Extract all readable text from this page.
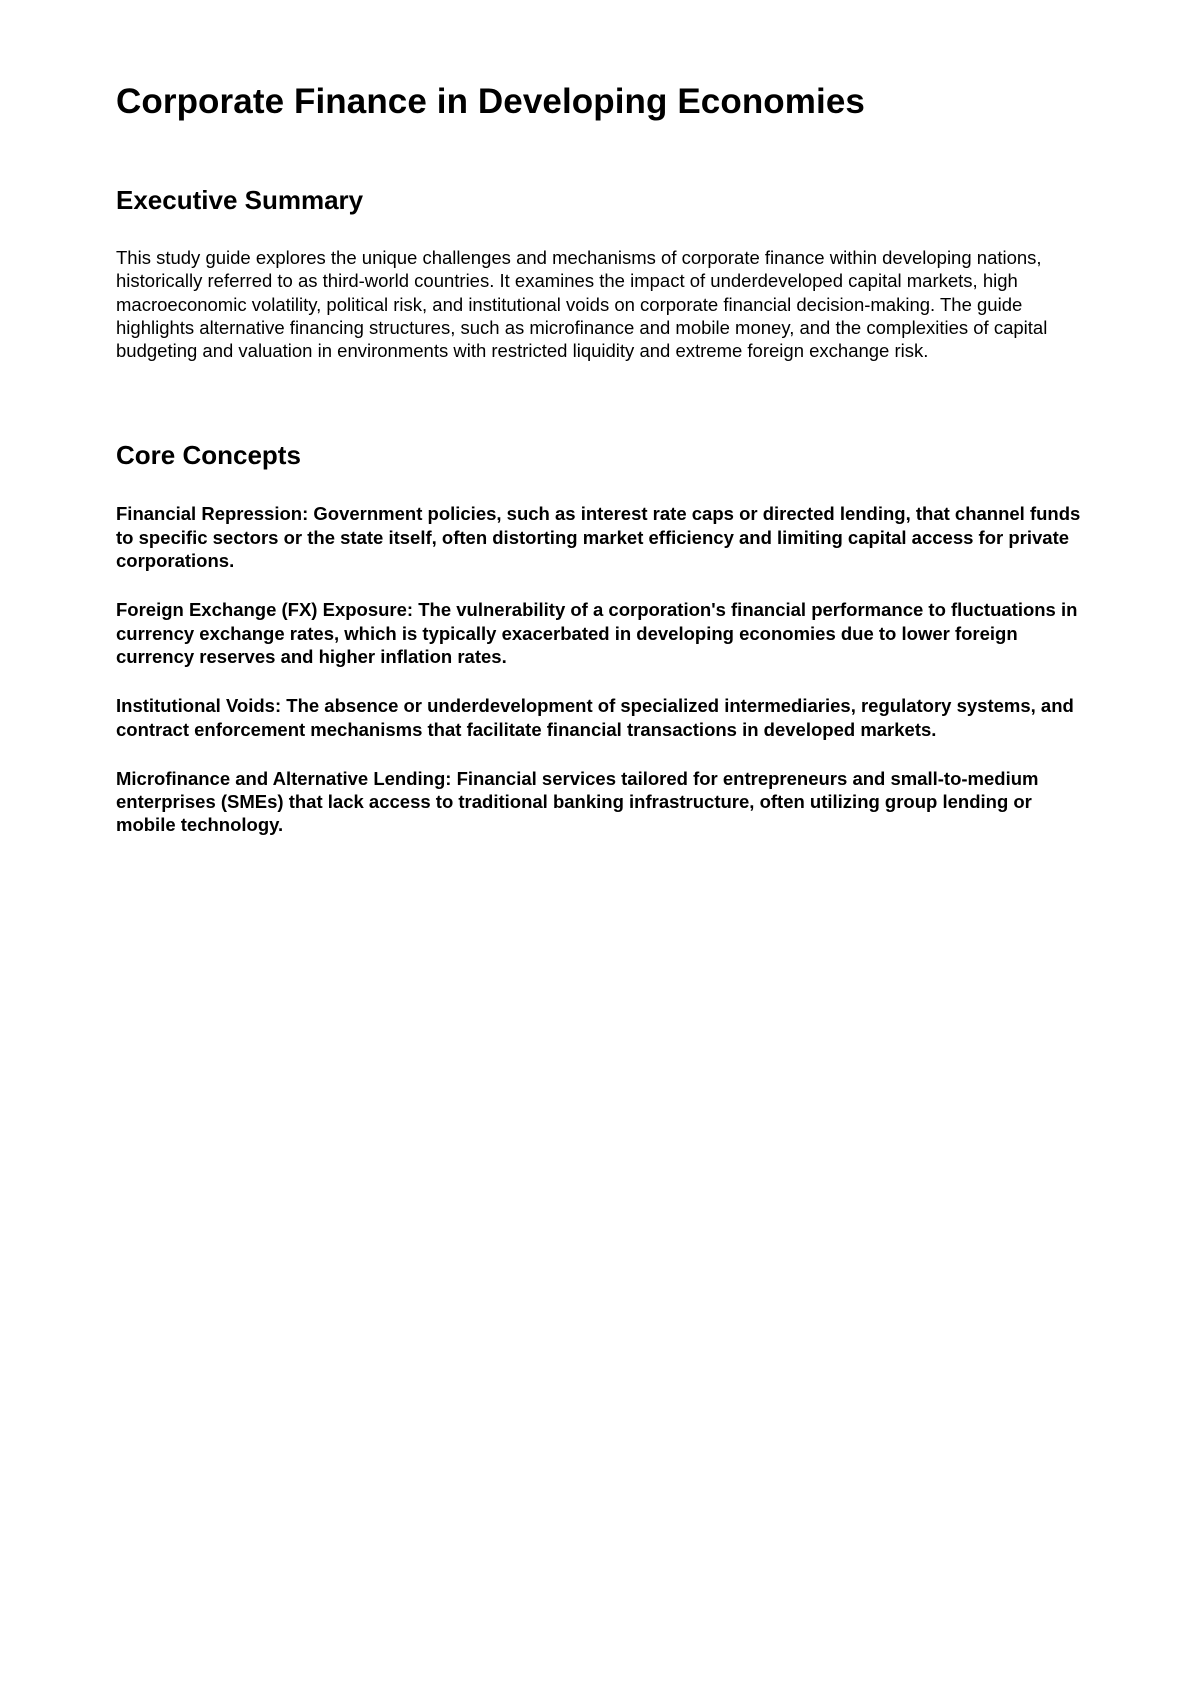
Corporate Finance in Developing Economies
Executive Summary

This study guide explores the unique challenges and mechanisms of corporate finance within developing nations, historically referred to as third-world countries. It examines the impact of underdeveloped capital markets, high macroeconomic volatility, political risk, and institutional voids on corporate financial decision-making. The guide highlights alternative financing structures, such as microfinance and mobile money, and the complexities of capital budgeting and valuation in environments with restricted liquidity and extreme foreign exchange risk.

Core Concepts

Financial Repression : Government policies, such as interest rate caps or directed lending, that channel funds to specific sectors or the state itself, often distorting market efficiency and limiting capital access for private corporations.

Foreign Exchange (FX) Exposure : The vulnerability of a corporation's financial performance to fluctuations in currency exchange rates, which is typically exacerbated in developing economies due to lower foreign currency reserves and higher inflation rates.

Institutional Voids : The absence or underdevelopment of specialized intermediaries, regulatory systems, and contract enforcement mechanisms that facilitate financial transactions in developed markets.

Microfinance and Alternative Lending : Financial services tailored for entrepreneurs and small-to-medium enterprises (SMEs) that lack access to traditional banking infrastructure, often utilizing group lending or mobile technology.
